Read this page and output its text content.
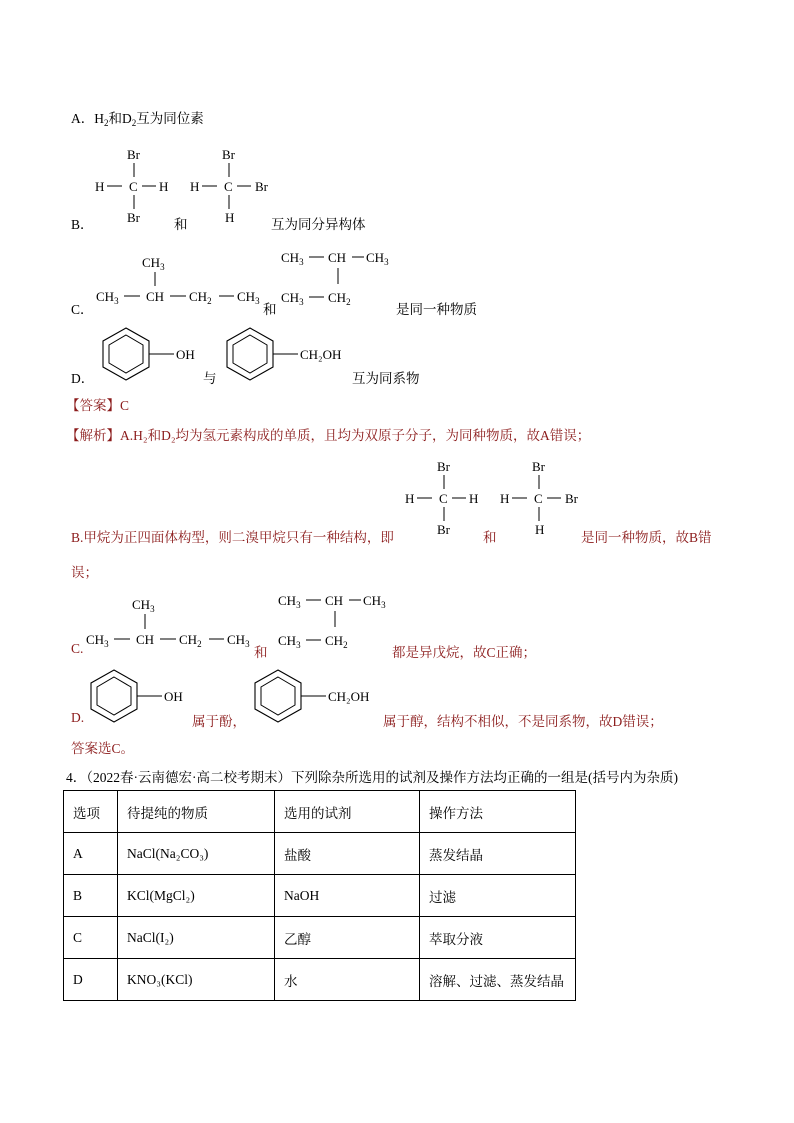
A．$H_2$和$D_2$互为同位素
Br
H C H
Br
Br
H C Br
H
B．	和	互为同分异构体
$CH_3$
$CH_3$ CH $CH_2$ $CH_3$
$CH_3$ CH $CH_3$
$CH_3$ $CH_2$
C．	和	是同一种物质
OH	CH₂OH
D．	与	互为同系物
【答案】C
【解析】A.H₂和D₂均为氢元素构成的单质，且均为双原子分子，为同种物质，故A错误；
Br
H C H
Br
Br
H C Br
H
B.甲烷为正四面体构型，则二溴甲烷只有一种结构，即	和	是同一种物质，故B错
误；
$CH_3$
$CH_3$ CH $CH_2$ $CH_3$
$CH_3$ CH $CH_3$
$CH_3$ $CH_2$
C.	和	都是异戊烷，故C正确；
OH	CH₂OH
D.	属于酚，	属于醇，结构不相似，不是同系物，故D错误；
答案选C。
4．（2022春·云南德宏·高二校考期末）下列除杂所选用的试剂及操作方法均正确的一组是(括号内为杂质)
选项	待提纯的物质	选用的试剂	操作方法
A	NaCl(Na₂CO₃)	盐酸	蒸发结晶
B	KCl(MgCl₂)	NaOH	过滤
C	NaCl(I₂)	乙醇	萃取分液
D	KNO₃(KCl)	水	溶解、过滤、蒸发结晶
